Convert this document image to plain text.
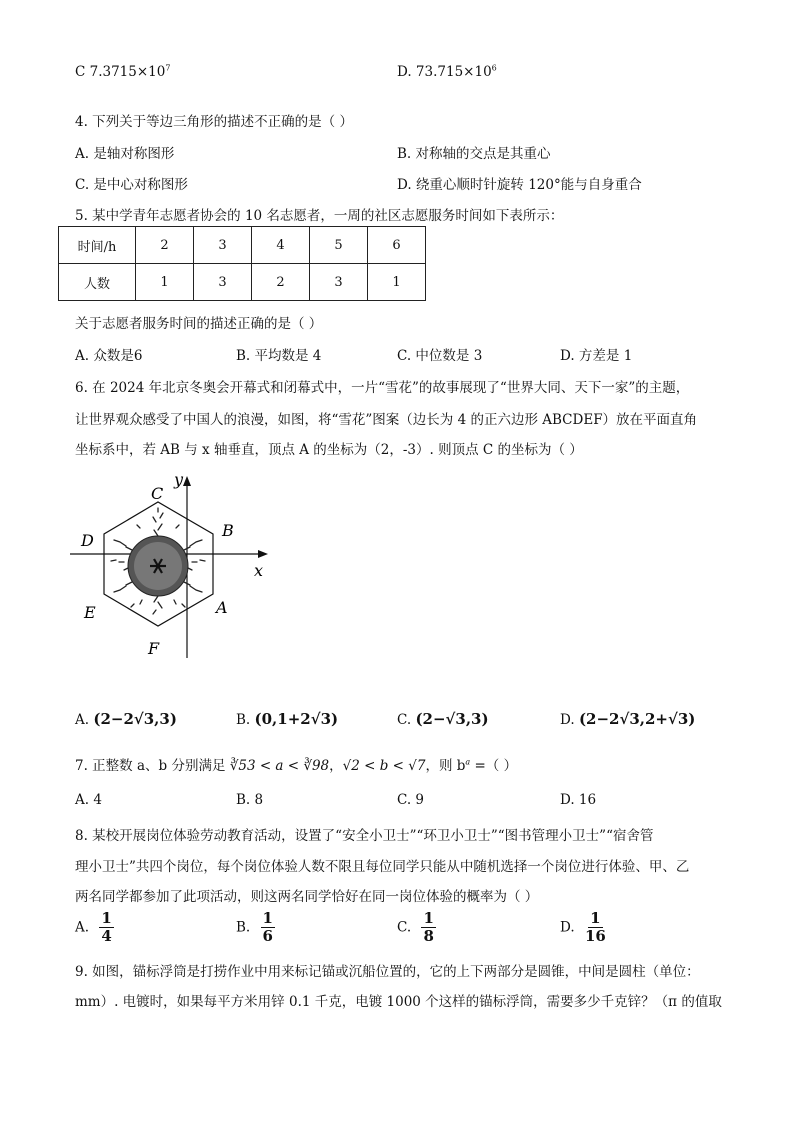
C $7.3715\times 10^7$	D. $73.715\times 10^6$
4. 下列关于等边三角形的描述不正确的是（ ）
A. 是轴对称图形	B. 对称轴的交点是其重心
C. 是中心对称图形	D. 绕重心顺时针旋转 120°能与自身重合
5. 某中学青年志愿者协会的 10 名志愿者，一周的社区志愿服务时间如下表所示：
时间/h	2	3	4	5	6
人数	1	3	2	3	1
关于志愿者服务时间的描述正确的是（ ）
A. 众数是6	B. 平均数是 4	C. 中位数是 3	D. 方差是 1
6. 在 2024 年北京冬奥会开幕式和闭幕式中，一片“雪花”的故事展现了“世界大同、天下一家”的主题，
让世界观众感受了中国人的浪漫，如图，将“雪花”图案（边长为 4 的正六边形 ABCDEF）放在平面直角
坐标系中，若 AB 与 x 轴垂直，顶点 A 的坐标为（2，-3）. 则顶点 C 的坐标为（ ）
y
x
C
B
D
E	A
F
A. (2−2√3,3)	B. (0,1+2√3)	C. (2−√3,3)	D. (2−2√3,2+√3)
7. 正整数 a、b 分别满足 ∛53 < a < ∛98，√2 < b < √7，则 $b^a$ =（ ）
A. 4	B. 8	C. 9	D. 16
8. 某校开展岗位体验劳动教育活动，设置了“安全小卫士”“环卫小卫士”“图书管理小卫士”“宿舍管
理小卫士”共四个岗位，每个岗位体验人数不限且每位同学只能从中随机选择一个岗位进行体验、甲、乙
两名同学都参加了此项活动，则这两名同学恰好在同一岗位体验的概率为（ ）
A. $\frac{1}{4}$	B. $\frac{1}{6}$	C. $\frac{1}{8}$	D. $\frac{1}{16}$
9. 如图，锚标浮筒是打捞作业中用来标记锚或沉船位置的，它的上下两部分是圆锥，中间是圆柱（单位：
mm）. 电镀时，如果每平方米用锌 0.1 千克，电镀 1000 个这样的锚标浮筒，需要多少千克锌？（π 的值取
